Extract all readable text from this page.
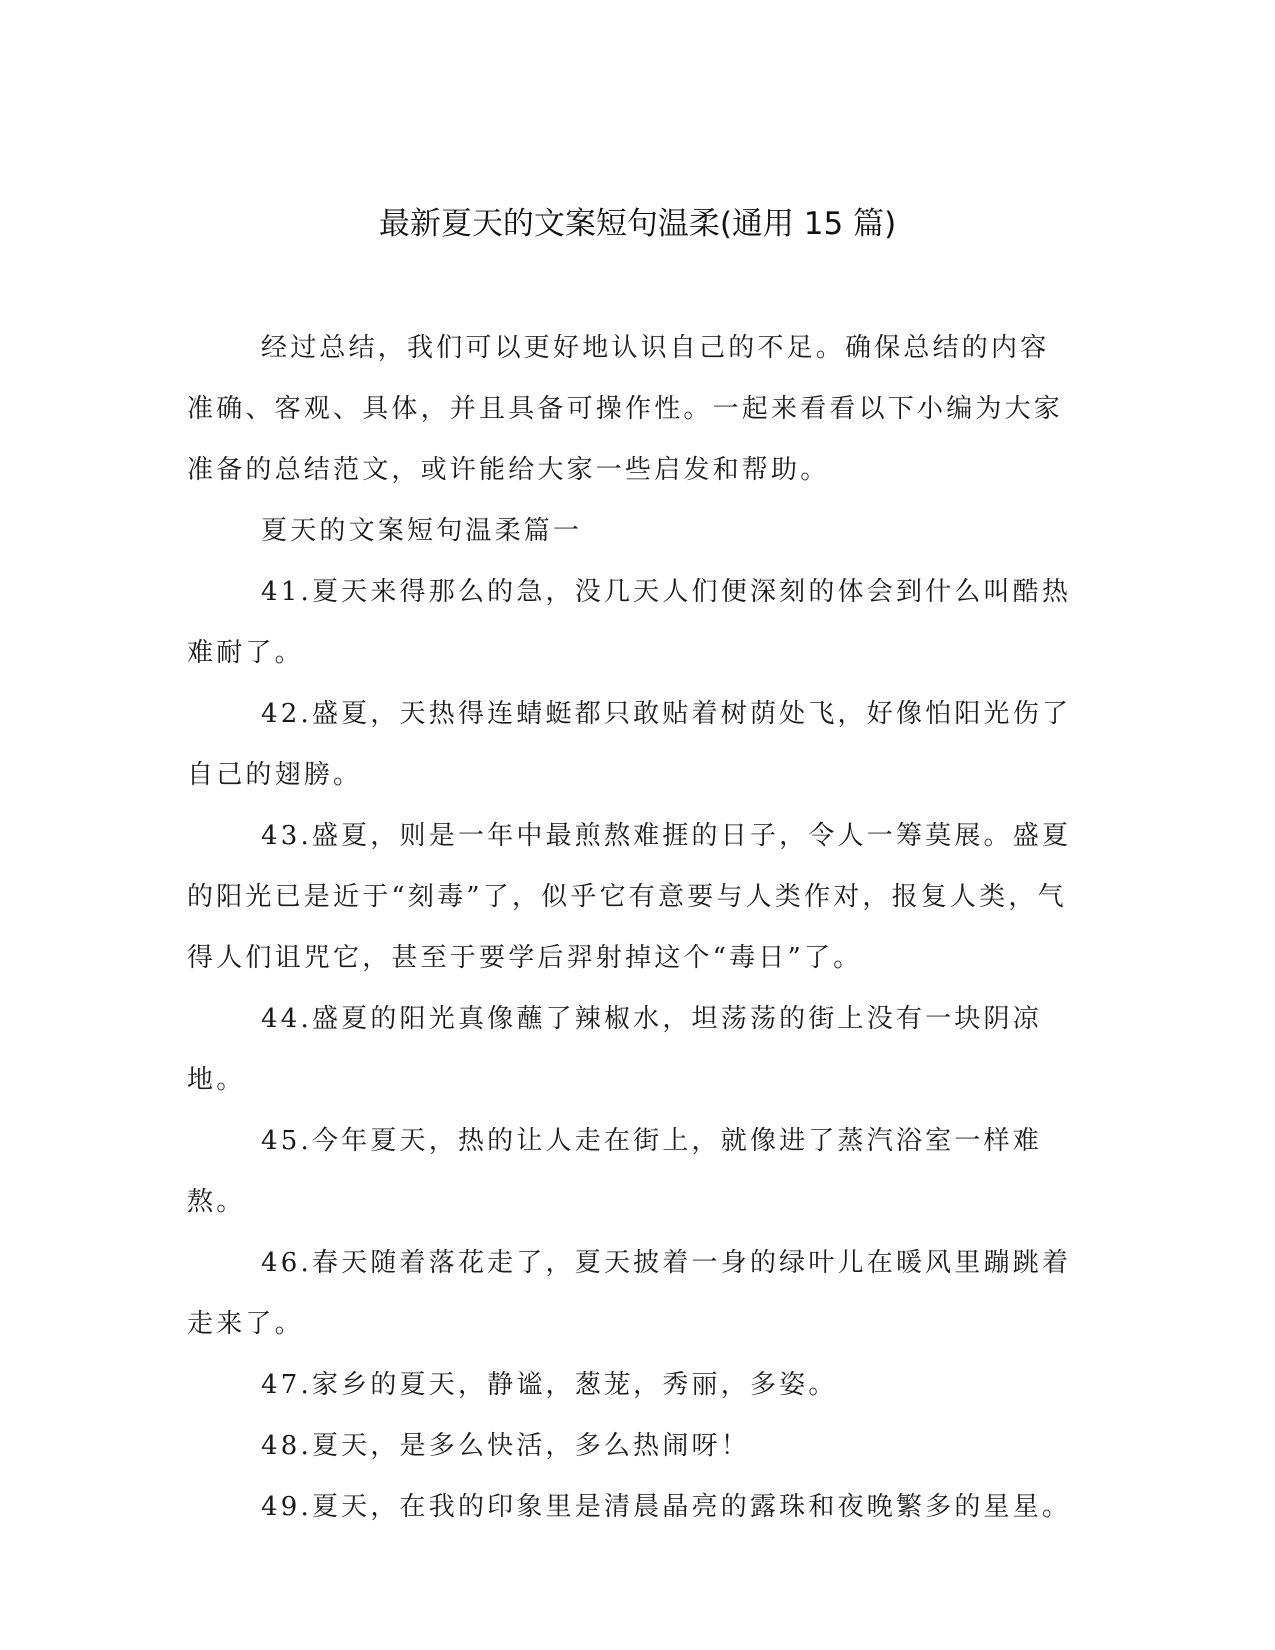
最新夏天的文案短句温柔(通用 15 篇)

经过总结，我们可以更好地认识自己的不足。确保总结的内容准确、客观、具体，并且具备可操作性。一起来看看以下小编为大家准备的总结范文，或许能给大家一些启发和帮助。

夏天的文案短句温柔篇一

41.夏天来得那么的急，没几天人们便深刻的体会到什么叫酷热难耐了。

42.盛夏，天热得连蜻蜓都只敢贴着树荫处飞，好像怕阳光伤了自己的翅膀。

43.盛夏，则是一年中最煎熬难捱的日子，令人一筹莫展。盛夏的阳光已是近于“刻毒”了，似乎它有意要与人类作对，报复人类，气得人们诅咒它，甚至于要学后羿射掉这个“毒日”了。

44.盛夏的阳光真像蘸了辣椒水，坦荡荡的街上没有一块阴凉地。

45.今年夏天，热的让人走在街上，就像进了蒸汽浴室一样难熬。

46.春天随着落花走了，夏天披着一身的绿叶儿在暖风里蹦跳着走来了。

47.家乡的夏天，静谧，葱茏，秀丽，多姿。

48.夏天，是多么快活，多么热闹呀！

49.夏天，在我的印象里是清晨晶亮的露珠和夜晚繁多的星星。
